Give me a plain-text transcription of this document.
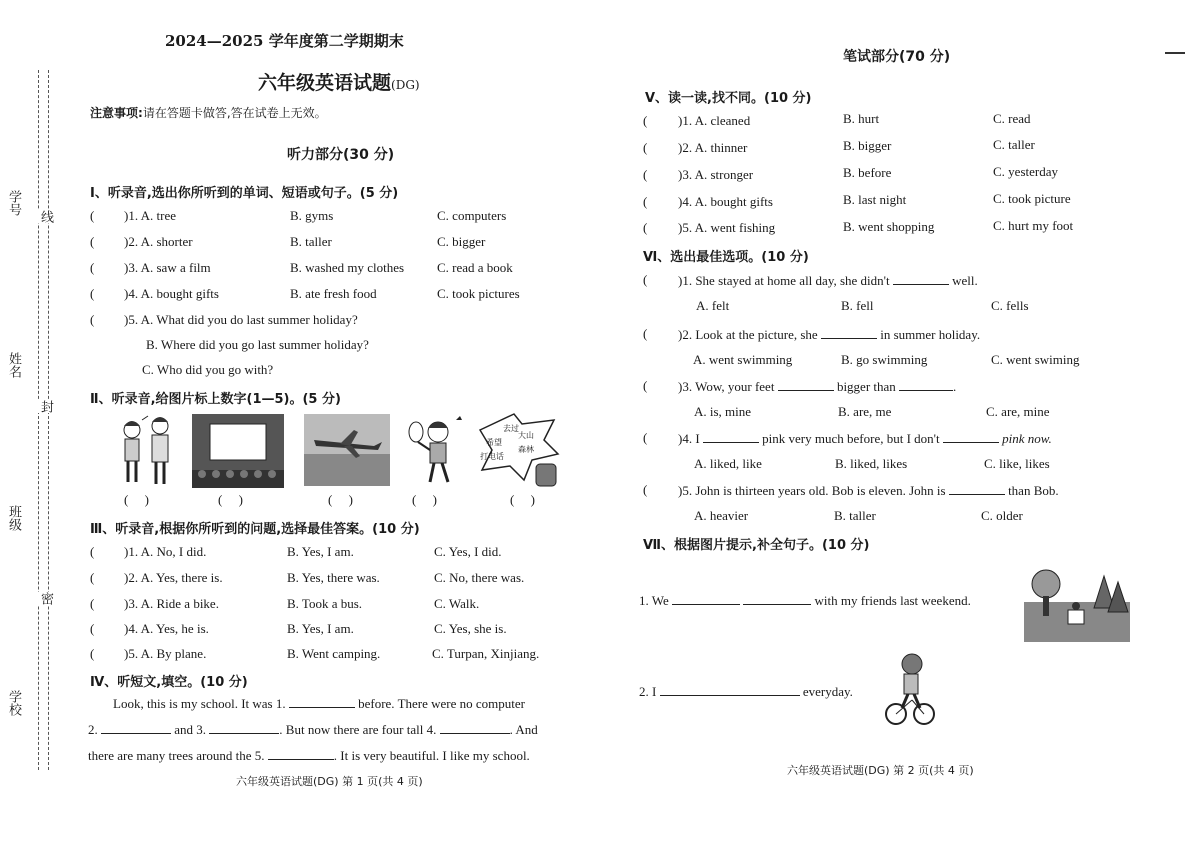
学号
姓名
班级
学校
线
封
密
2024—2025 学年度第二学期期末
六年级英语试题(DG)
注意事项:请在答题卡做答,答在试卷上无效。
听力部分(30 分)
Ⅰ、听录音,选出你所听到的单词、短语或句子。(5 分)
( )1. A. tree	B. gyms	C. computers
( )2. A. shorter	B. taller	C. bigger
( )3. A. saw a film	B. washed my clothes	C. read a book
( )4. A. bought gifts	B. ate fresh food	C. took pictures
( )5. A. What did you do last summer holiday?
B. Where did you go last summer holiday?
C. Who did you go with?
Ⅱ、听录音,给图片标上数字(1—5)。(5 分)
去过
希望
打电话
大山
森林
(     )	(     )	(     )	(     )	(     )
Ⅲ、听录音,根据你所听到的问题,选择最佳答案。(10 分)
( )1. A. No, I did.	B. Yes, I am.	C. Yes, I did.
( )2. A. Yes, there is.	B. Yes, there was.	C. No, there was.
( )3. A. Ride a bike.	B. Took a bus.	C. Walk.
( )4. A. Yes, he is.	B. Yes, I am.	C. Yes, she is.
( )5. A. By plane.	B. Went camping.	C. Turpan, Xinjiang.
Ⅳ、听短文,填空。(10 分)
Look, this is my school. It was 1.	before. There were no computer
2.	and 3.	. But now there are four tall 4.	. And
there are many trees around the 5.	. It is very beautiful. I like my school.
六年级英语试题(DG) 第 1 页(共 4 页)
笔试部分(70 分)
Ⅴ、读一读,找不同。(10 分)
( )1. A. cleaned	B. hurt	C. read
( )2. A. thinner	B. bigger	C. taller
( )3. A. stronger	B. before	C. yesterday
( )4. A. bought gifts	B. last night	C. took picture
( )5. A. went fishing	B. went shopping	C. hurt my foot
Ⅵ、选出最佳选项。(10 分)
( )1. She stayed at home all day, she didn't	well.
A. felt	B. fell	C. fells
( )2. Look at the picture, she	in summer holiday.
A. went swimming	B. go swimming	C. went swiming
( )3. Wow, your feet	bigger than	.
A. is, mine	B. are, me	C. are, mine
( )4. I	pink very much before, but I don't	pink now.
A. liked, like	B. liked, likes	C. like, likes
( )5. John is thirteen years old. Bob is eleven. John is	than Bob.
A. heavier	B. taller	C. older
Ⅶ、根据图片提示,补全句子。(10 分)
1. We	with my friends last weekend.
2. I	everyday.
六年级英语试题(DG) 第 2 页(共 4 页)
